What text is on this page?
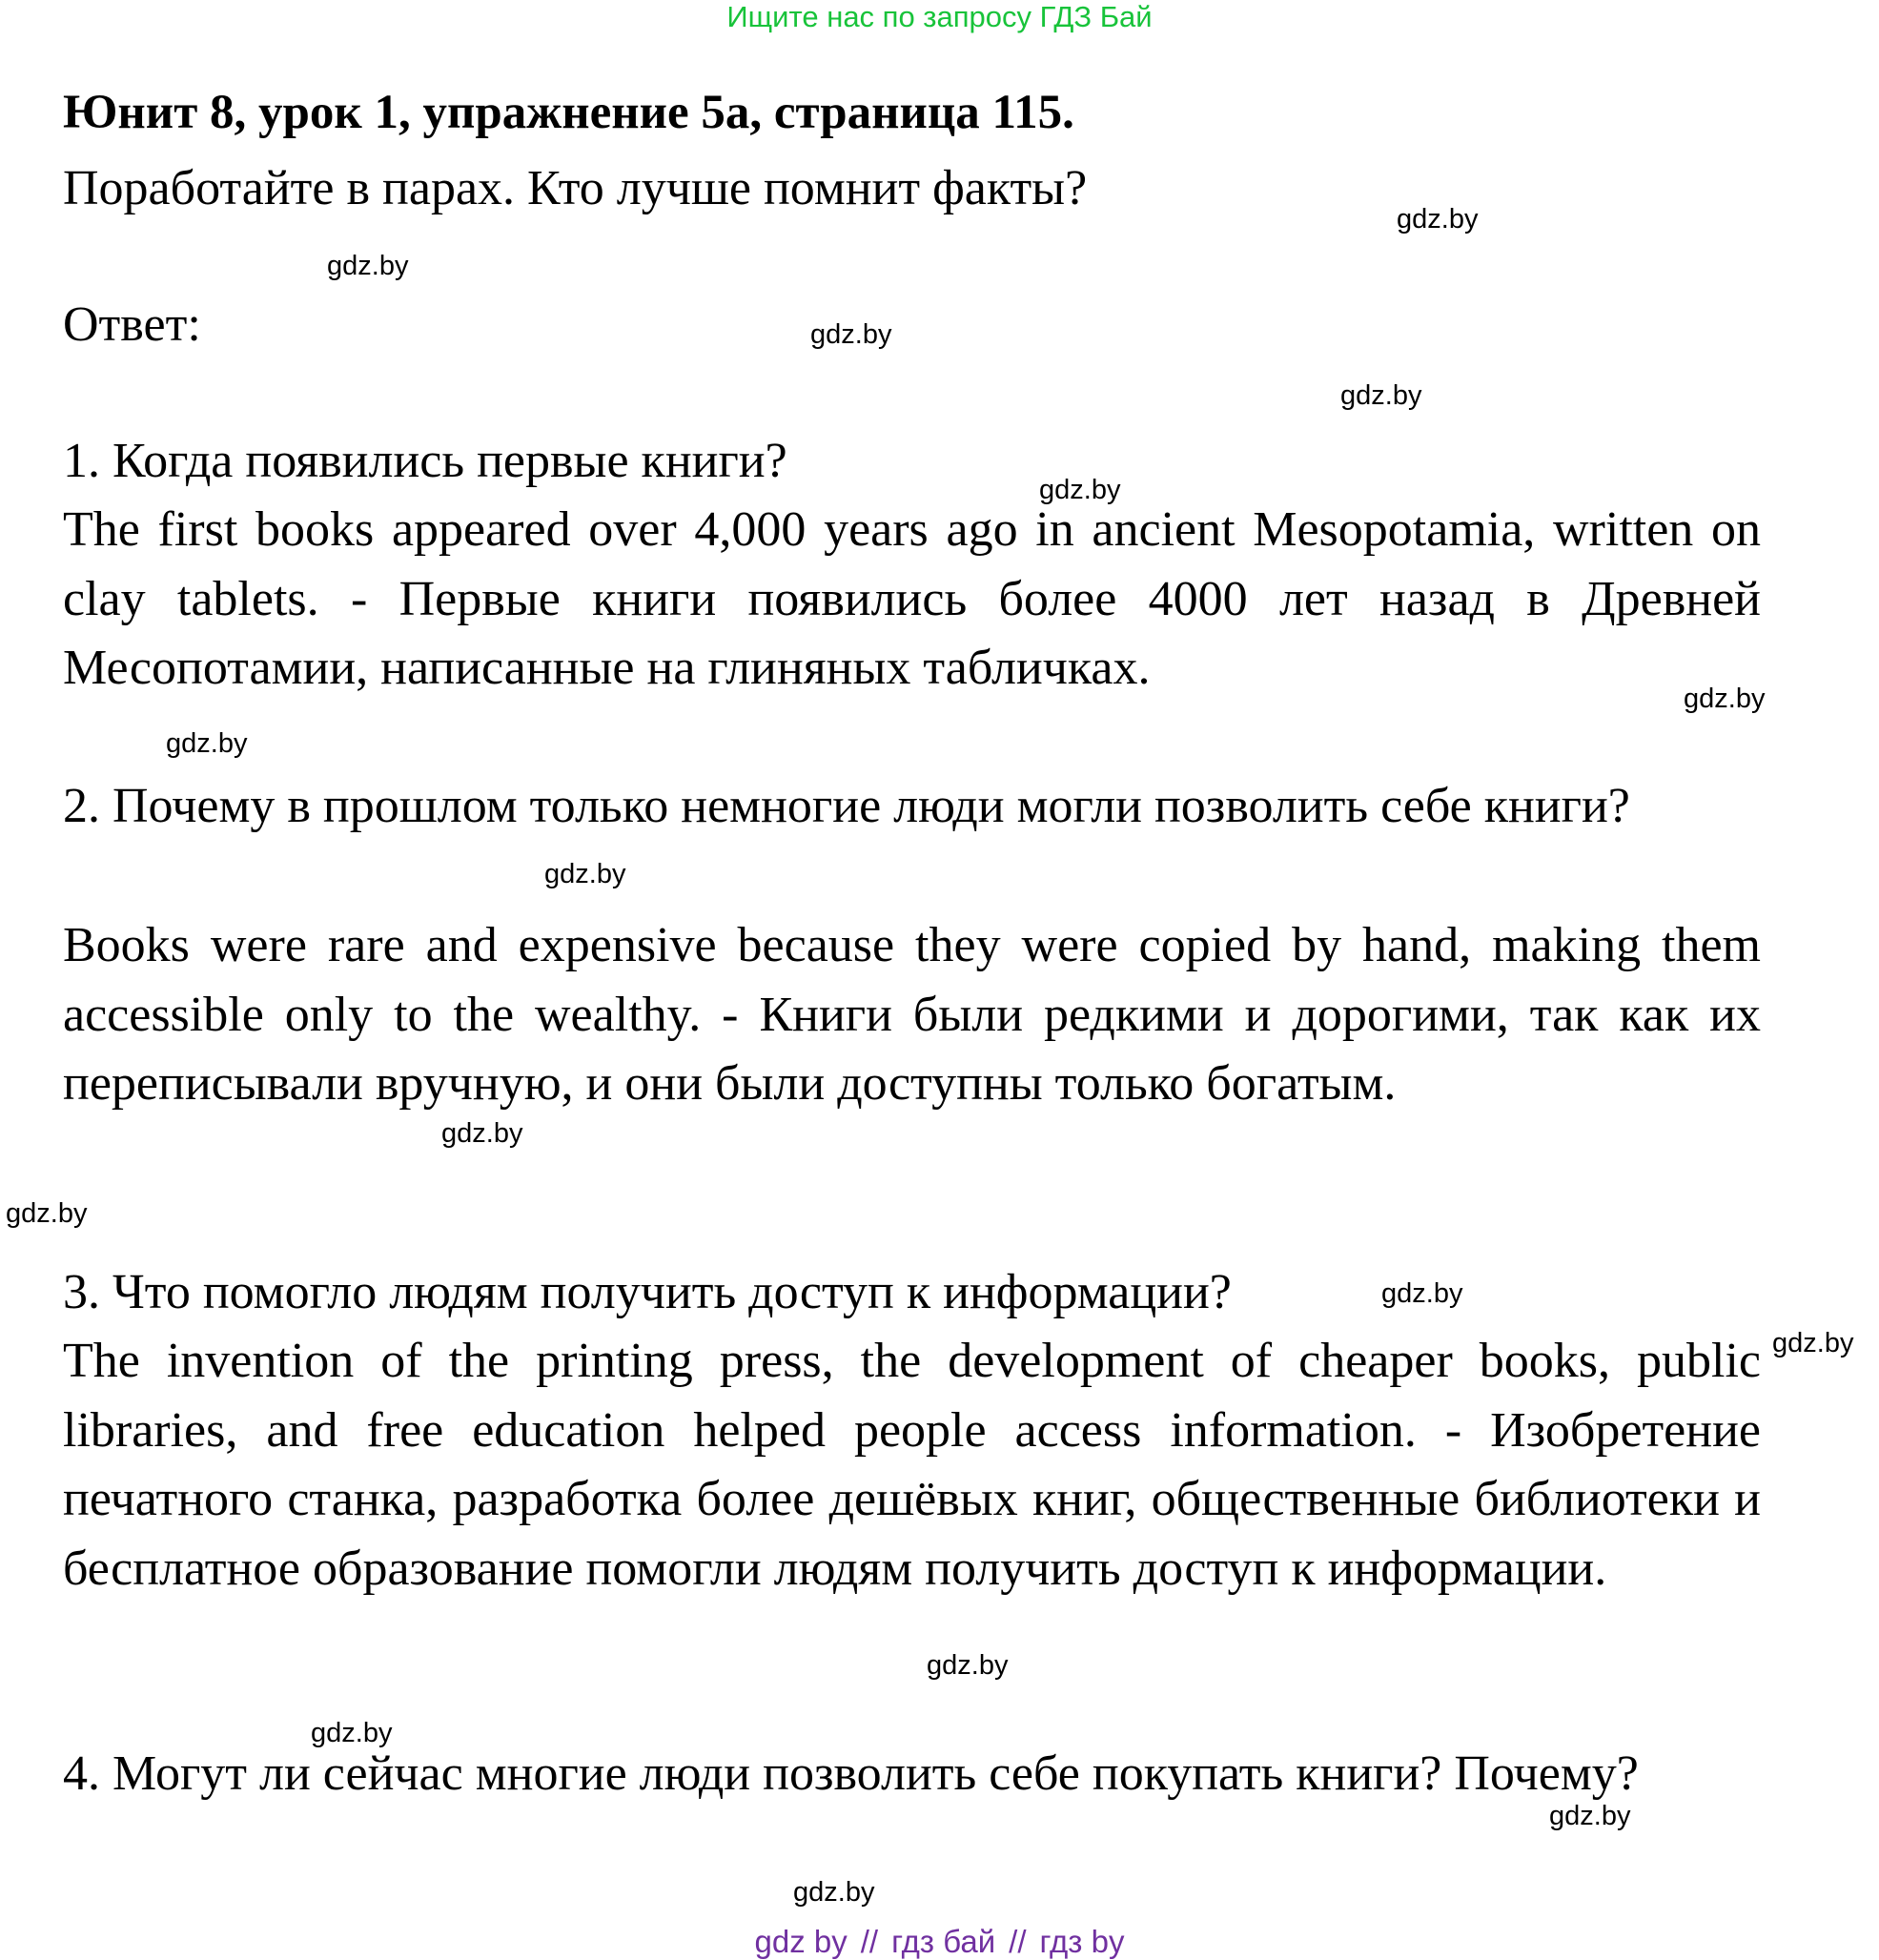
Ищите нас по запросу ГДЗ Бай
Юнит 8, урок 1, упражнение 5а, страница 115.
Поработайте в парах. Кто лучше помнит факты?
Ответ:
1. Когда появились первые книги?
The first books appeared over 4,000 years ago in ancient Mesopotamia, written on clay tablets. - Первые книги появились более 4000 лет назад в Древней Месопотамии, написанные на глиняных табличках.
2. Почему в прошлом только немногие люди могли позволить себе книги?
Books were rare and expensive because they were copied by hand, making them accessible only to the wealthy. - Книги были редкими и дорогими, так как их переписывали вручную, и они были доступны только богатым.
3. Что помогло людям получить доступ к информации?
The invention of the printing press, the development of cheaper books, public libraries, and free education helped people access information. - Изобретение печатного станка, разработка более дешёвых книг, общественные библиотеки и бесплатное образование помогли людям получить доступ к информации.
4. Могут ли сейчас многие люди позволить себе покупать книги? Почему?
gdz.by
gdz.by
gdz.by
gdz.by
gdz.by
gdz.by
gdz.by
gdz.by
gdz.by
gdz.by
gdz.by
gdz.by
gdz.by
gdz.by
gdz.by
gdz.by
gdz by // гдз бай // гдз by
